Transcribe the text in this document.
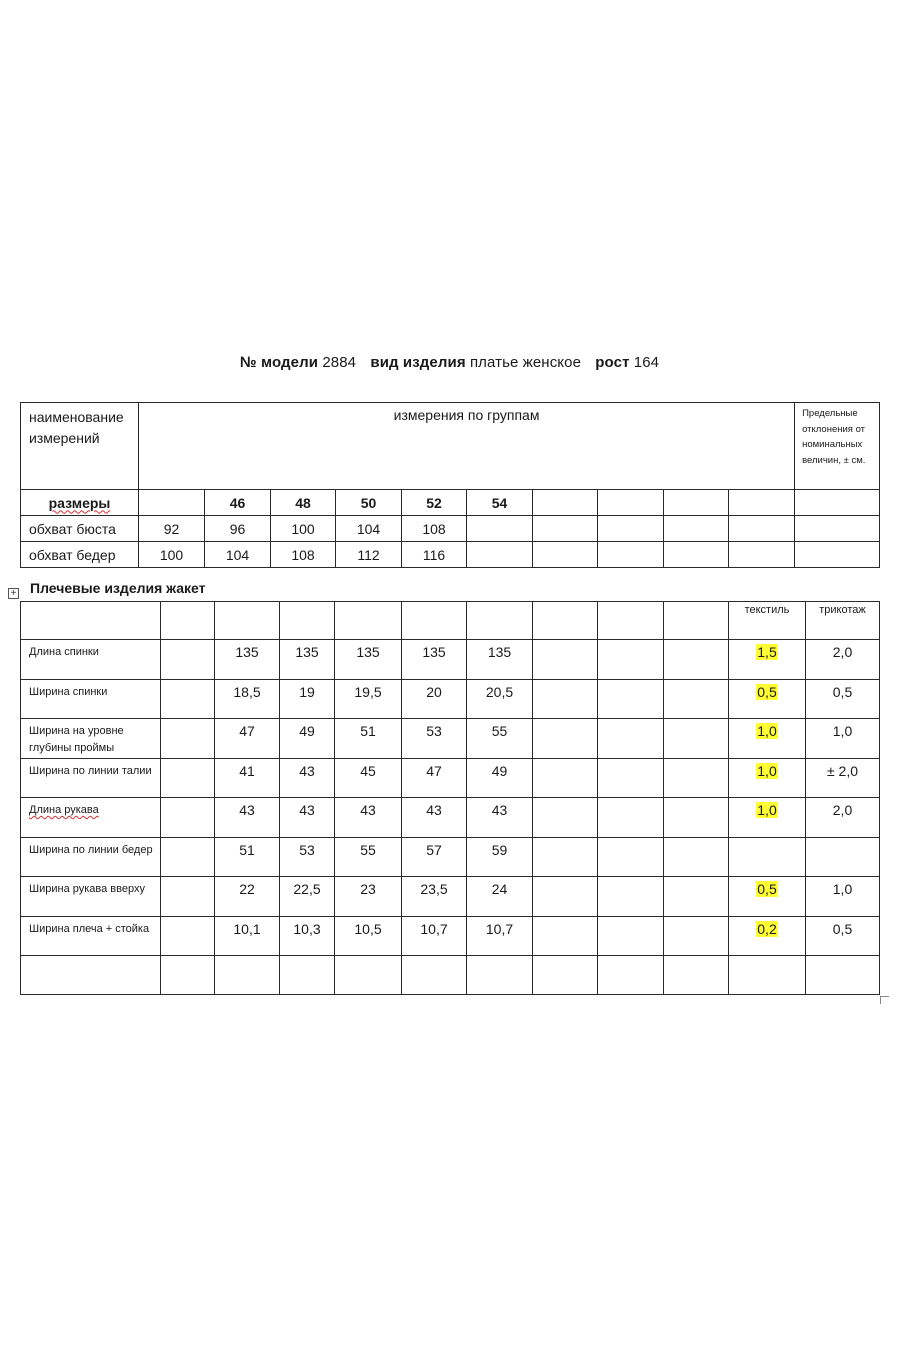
№ модели 2884 вид изделия платье женское рост 164
наименование измерений	измерения по группам										Предельные отклонения от номинальных величин, ± см.
размеры		46	48	50	52	54					
обхват бюста	92	96	100	104	108						
обхват бедер	100	104	108	112	116						
+ Плечевые изделия жакет
										текстиль	трикотаж
Длина спинки		135	135	135	135	135				1,5	2,0
Ширина спинки		18,5	19	19,5	20	20,5				0,5	0,5
Ширина на уровне глубины проймы		47	49	51	53	55				1,0	1,0
Ширина по линии талии		41	43	45	47	49				1,0	± 2,0
Длина рукава		43	43	43	43	43				1,0	2,0
Ширина по линии бедер		51	53	55	57	59					
Ширина рукава вверху		22	22,5	23	23,5	24				0,5	1,0
Ширина плеча + стойка		10,1	10,3	10,5	10,7	10,7				0,2	0,5
